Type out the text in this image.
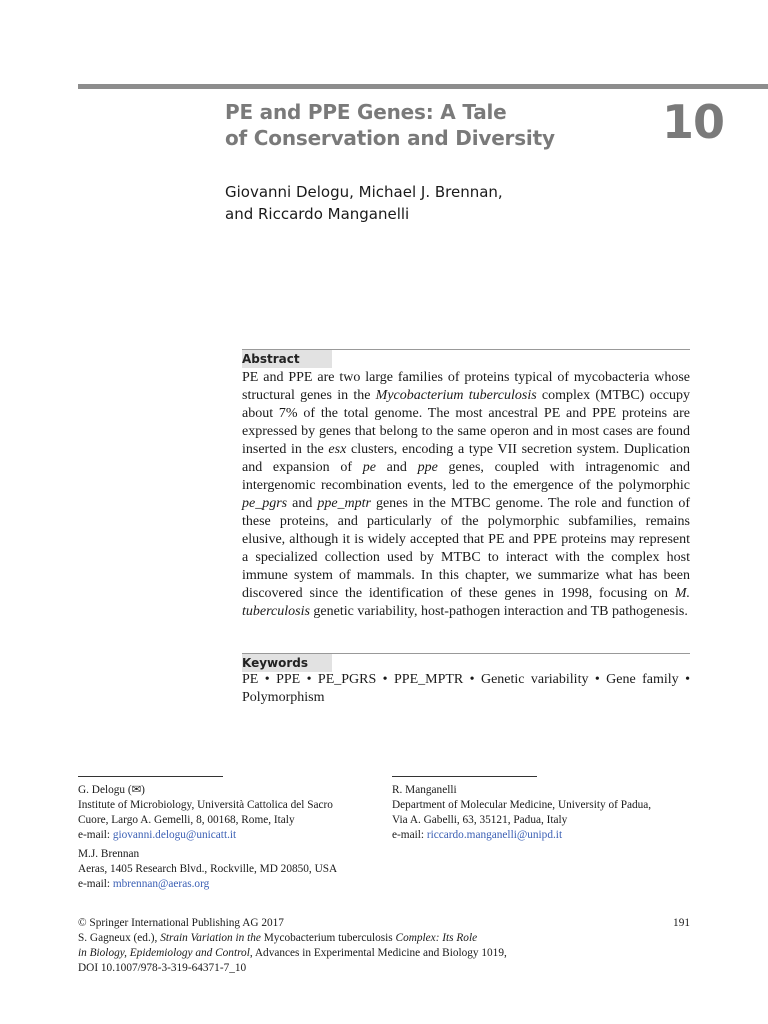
PE and PPE Genes: A Tale
of Conservation and Diversity	10
Giovanni Delogu, Michael J. Brennan,
and Riccardo Manganelli
Abstract
PE and PPE are two large families of proteins typical of mycobacteria whose structural genes in the Mycobacterium tuberculosis complex (MTBC) occupy about 7% of the total genome. The most ancestral PE and PPE proteins are expressed by genes that belong to the same operon and in most cases are found inserted in the esx clusters, encoding a type VII secretion system. Duplication and expansion of pe and ppe genes, coupled with intragenomic and intergenomic recombination events, led to the emergence of the polymorphic pe_pgrs and ppe_mptr genes in the MTBC genome. The role and function of these proteins, and particularly of the polymorphic subfamilies, remains elusive, although it is widely accepted that PE and PPE proteins may represent a specialized collection used by MTBC to interact with the complex host immune system of mammals. In this chapter, we summarize what has been discovered since the identification of these genes in 1998, focusing on M. tuberculosis genetic variability, host-pathogen interaction and TB pathogenesis.
Keywords
PE • PPE • PE_PGRS • PPE_MPTR • Genetic variability • Gene family • Polymorphism
G. Delogu (✉)
Institute of Microbiology, Università Cattolica del Sacro
Cuore, Largo A. Gemelli, 8, 00168, Rome, Italy
e-mail: giovanni.delogu@unicatt.it
M.J. Brennan
Aeras, 1405 Research Blvd., Rockville, MD 20850, USA
e-mail: mbrennan@aeras.org
R. Manganelli
Department of Molecular Medicine, University of Padua,
Via A. Gabelli, 63, 35121, Padua, Italy
e-mail: riccardo.manganelli@unipd.it
© Springer International Publishing AG 2017	191
S. Gagneux (ed.), Strain Variation in the Mycobacterium tuberculosis Complex: Its Role
in Biology, Epidemiology and Control, Advances in Experimental Medicine and Biology 1019,
DOI 10.1007/978-3-319-64371-7_10
